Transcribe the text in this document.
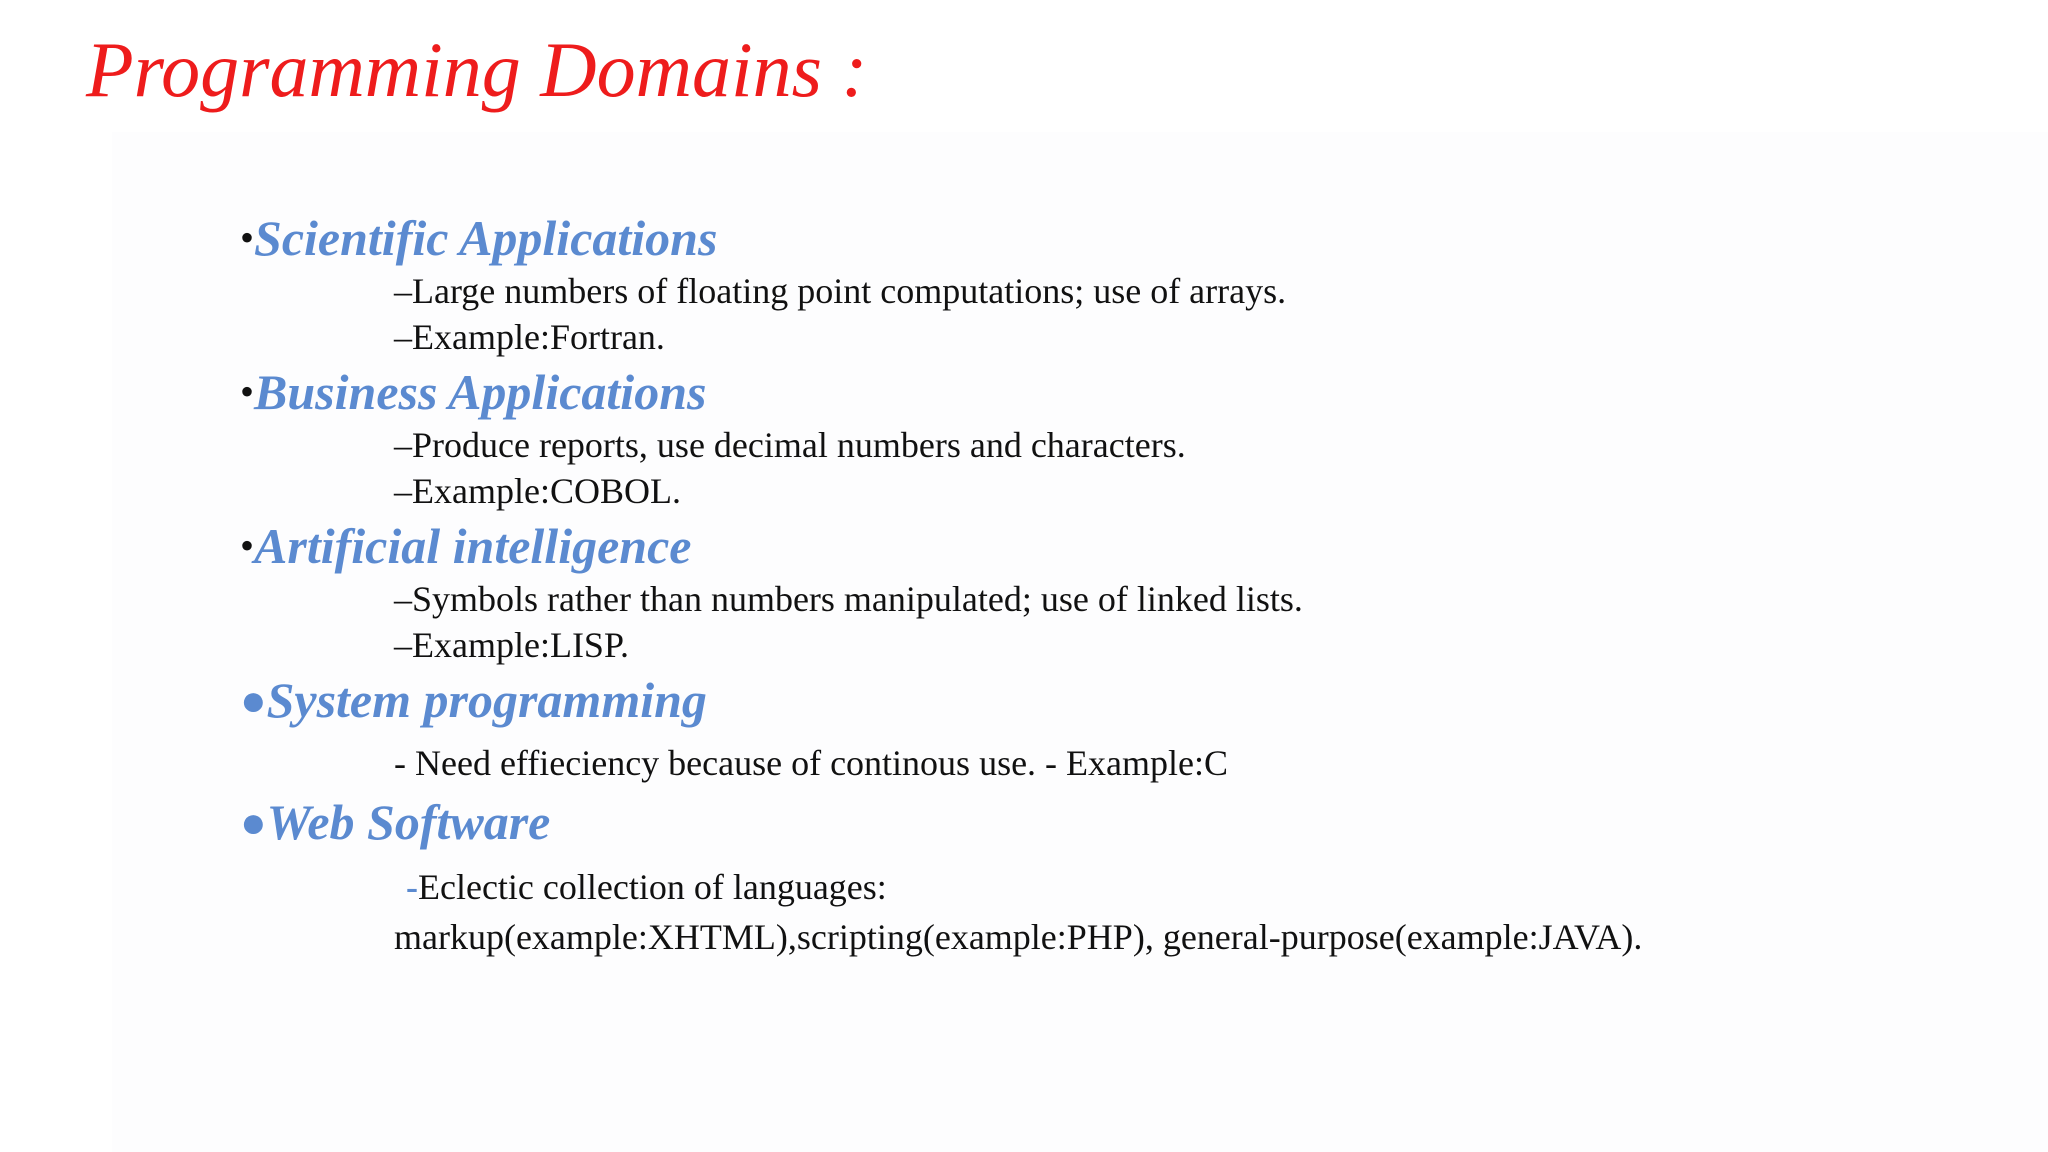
Programming Domains :
•Scientific Applications
–Large numbers of floating point computations; use of arrays.
–Example:Fortran.
•Business Applications
–Produce reports, use decimal numbers and characters.
–Example:COBOL.
•Artificial intelligence
–Symbols rather than numbers manipulated; use of linked lists.
–Example:LISP.
●System programming
- Need effieciency because of continous use. - Example:C
●Web Software
-Eclectic collection of languages:
markup(example:XHTML),scripting(example:PHP), general-purpose(example:JAVA).
